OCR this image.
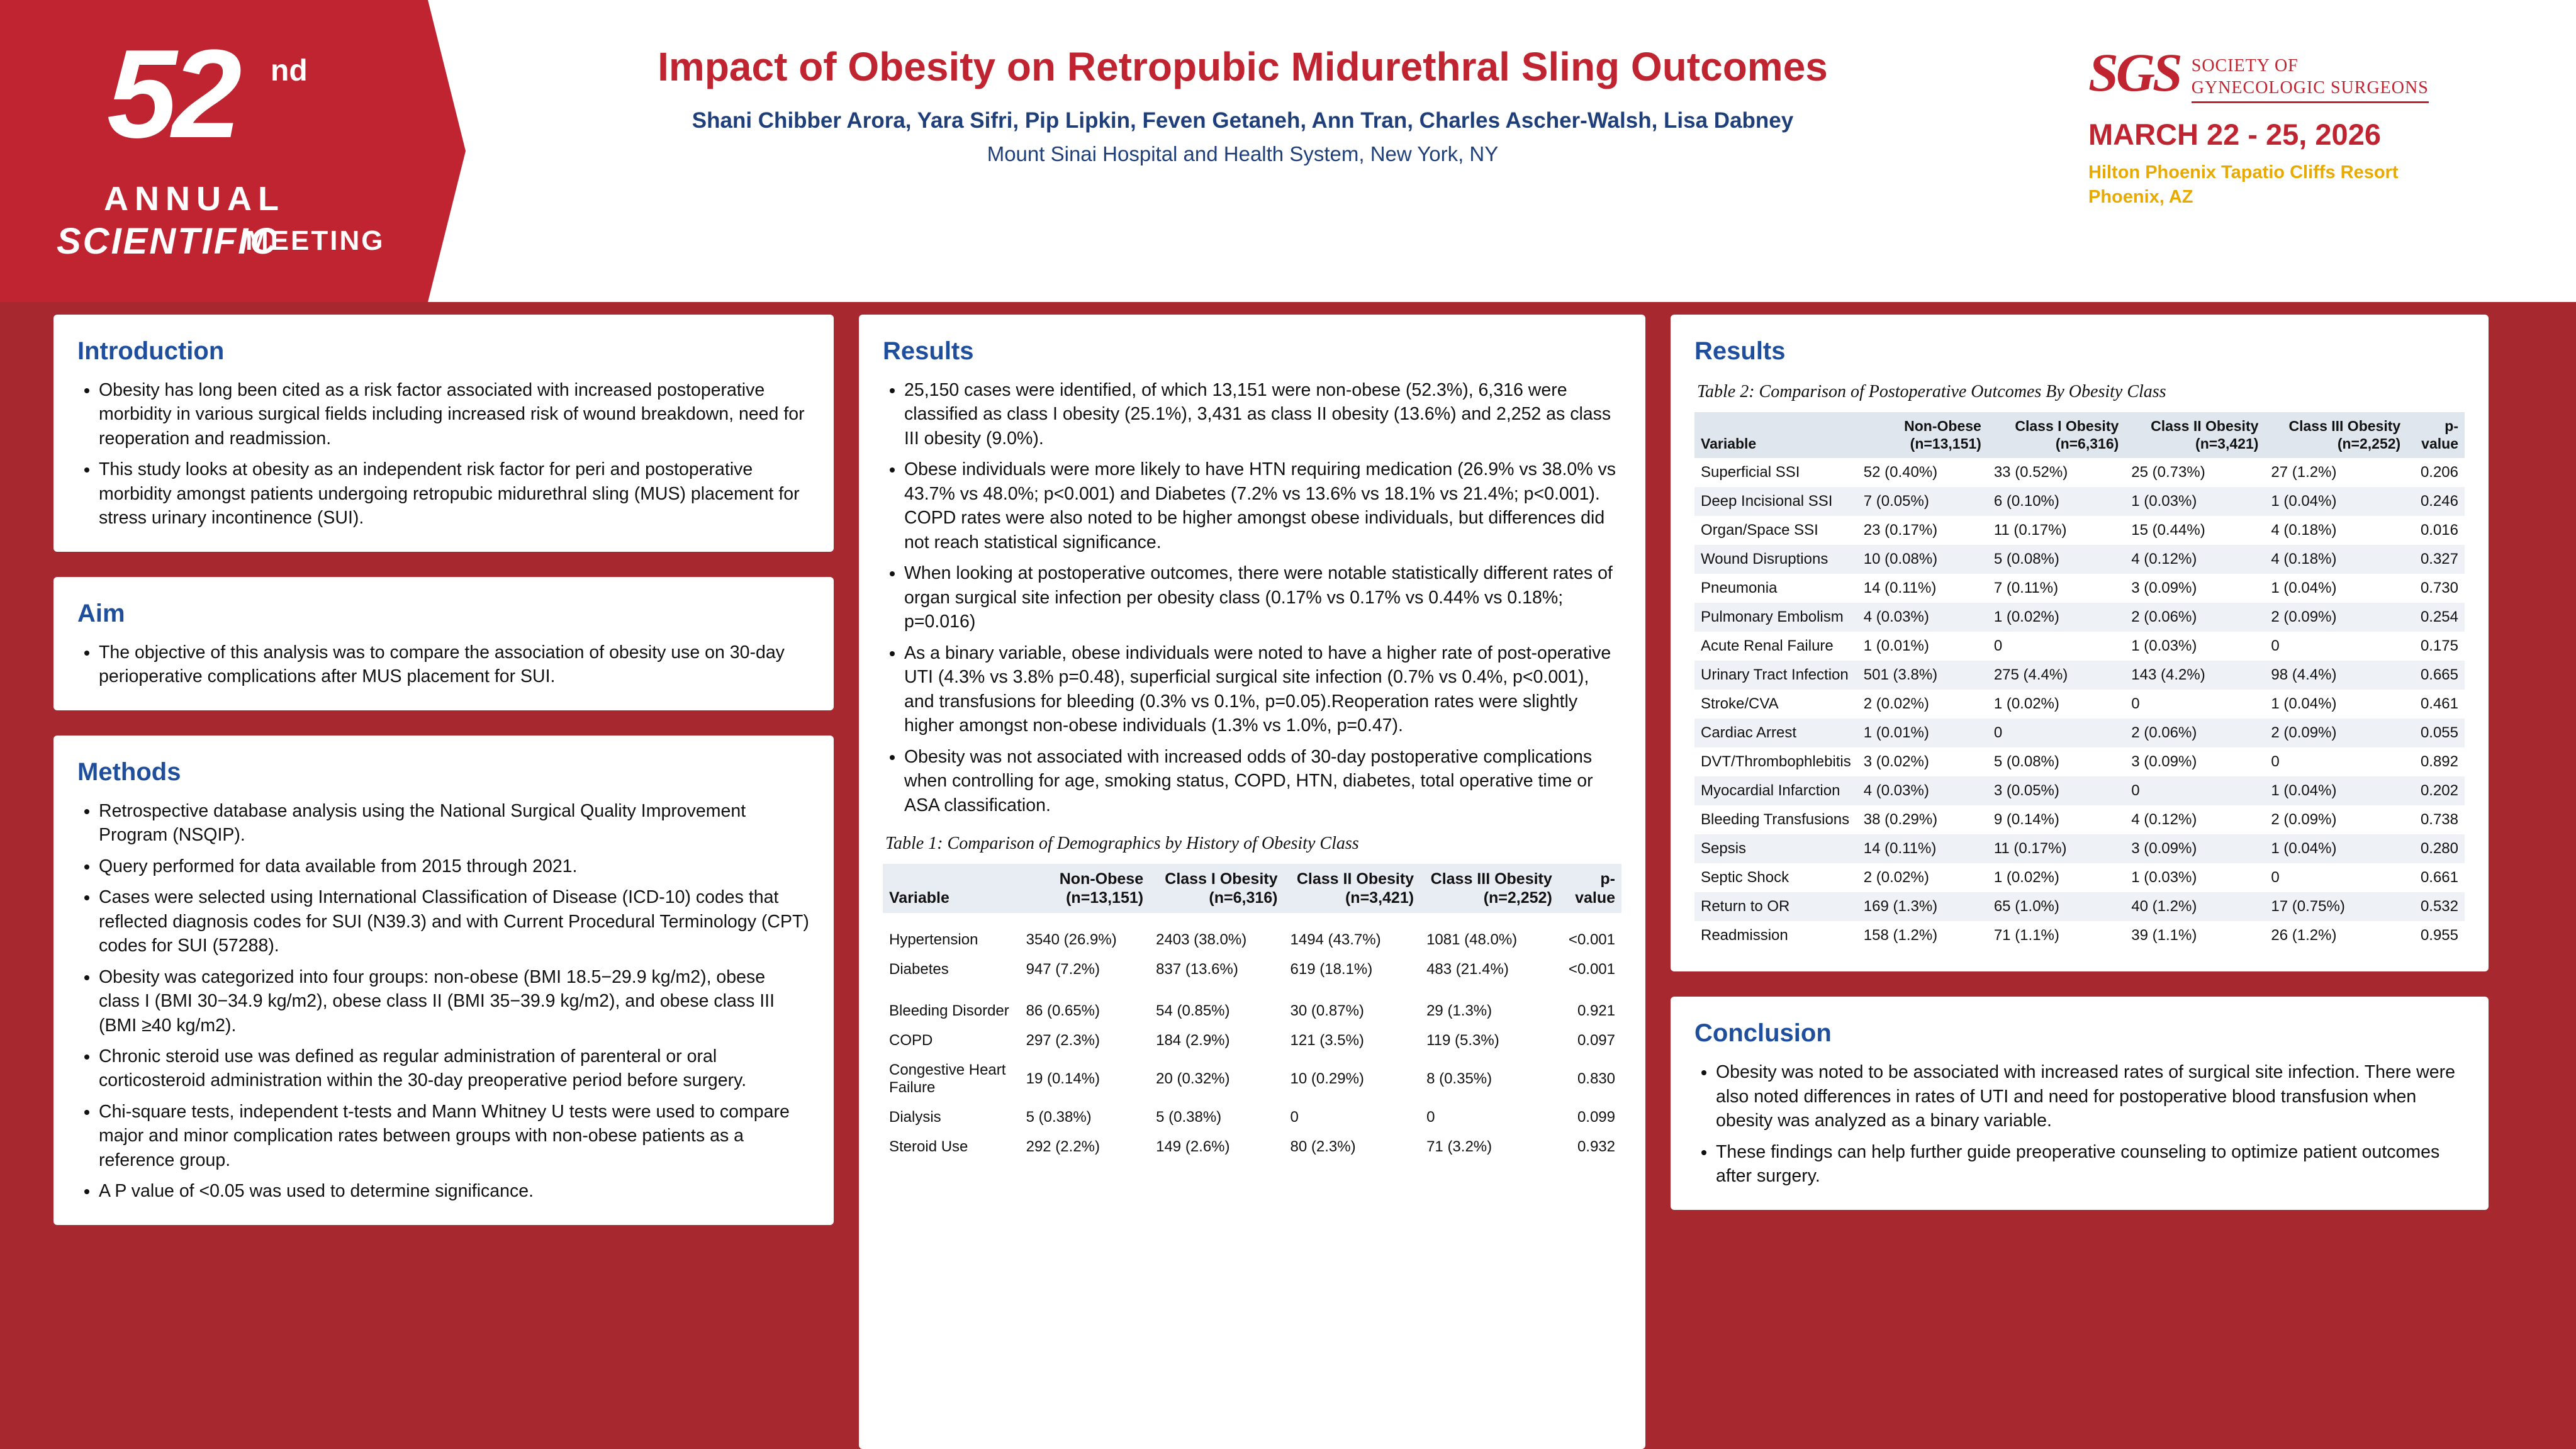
52 nd
ANNUAL
SCIENTIFIC
MEETING
Impact of Obesity on Retropubic Midurethral Sling Outcomes
Shani Chibber Arora, Yara Sifri, Pip Lipkin, Feven Getaneh, Ann Tran, Charles Ascher-Walsh, Lisa Dabney
Mount Sinai Hospital and Health System, New York, NY
SGS SOCIETY OF
GYNECOLOGIC SURGEONS
MARCH 22 - 25, 2026
Hilton Phoenix Tapatio Cliffs Resort
Phoenix, AZ
Introduction
• Obesity has long been cited as a risk factor associated with increased postoperative morbidity in various surgical fields including increased risk of wound breakdown, need for reoperation and readmission.
• This study looks at obesity as an independent risk factor for peri and postoperative morbidity amongst patients undergoing retropubic midurethral sling (MUS) placement for stress urinary incontinence (SUI).
Aim
• The objective of this analysis was to compare the association of obesity use on 30-day perioperative complications after MUS placement for SUI.
Methods
• Retrospective database analysis using the National Surgical Quality Improvement Program (NSQIP).
• Query performed for data available from 2015 through 2021.
• Cases were selected using International Classification of Disease (ICD-10) codes that reflected diagnosis codes for SUI (N39.3) and with Current Procedural Terminology (CPT) codes for SUI (57288).
• Obesity was categorized into four groups: non-obese (BMI 18.5−29.9 kg/m2), obese class I (BMI 30−34.9 kg/m2), obese class II (BMI 35−39.9 kg/m2), and obese class III (BMI ≥40 kg/m2).
• Chronic steroid use was defined as regular administration of parenteral or oral corticosteroid administration within the 30-day preoperative period before surgery.
• Chi-square tests, independent t-tests and Mann Whitney U tests were used to compare major and minor complication rates between groups with non-obese patients as a reference group.
• A P value of <0.05 was used to determine significance.
Results
• 25,150 cases were identified, of which 13,151 were non-obese (52.3%), 6,316 were classified as class I obesity (25.1%), 3,431 as class II obesity (13.6%) and 2,252 as class III obesity (9.0%).
• Obese individuals were more likely to have HTN requiring medication (26.9% vs 38.0% vs 43.7% vs 48.0%; p<0.001) and Diabetes (7.2% vs 13.6% vs 18.1% vs 21.4%; p<0.001). COPD rates were also noted to be higher amongst obese individuals, but differences did not reach statistical significance.
• When looking at postoperative outcomes, there were notable statistically different rates of organ surgical site infection per obesity class (0.17% vs 0.17% vs 0.44% vs 0.18%; p=0.016)
• As a binary variable, obese individuals were noted to have a higher rate of post-operative UTI (4.3% vs 3.8% p=0.48), superficial surgical site infection (0.7% vs 0.4%, p<0.001), and transfusions for bleeding (0.3% vs 0.1%, p=0.05).Reoperation rates were slightly higher amongst non-obese individuals (1.3% vs 1.0%, p=0.47).
• Obesity was not associated with increased odds of 30-day postoperative complications when controlling for age, smoking status, COPD, HTN, diabetes, total operative time or ASA classification.
Table 1: Comparison of Demographics by History of Obesity Class
Variable	Non-Obese (n=13,151)	Class I Obesity (n=6,316)	Class II Obesity (n=3,421)	Class III Obesity (n=2,252)	p-value

Hypertension	3540 (26.9%)	2403 (38.0%)	1494 (43.7%)	1081 (48.0%)	<0.001
Diabetes	947 (7.2%)	837 (13.6%)	619 (18.1%)	483 (21.4%)	<0.001

Bleeding Disorder	86 (0.65%)	54 (0.85%)	30 (0.87%)	29 (1.3%)	0.921
COPD	297 (2.3%)	184 (2.9%)	121 (3.5%)	119 (5.3%)	0.097
Congestive Heart Failure	19 (0.14%)	20 (0.32%)	10 (0.29%)	8 (0.35%)	0.830
Dialysis	5 (0.38%)	5 (0.38%)	0	0	0.099
Steroid Use	292 (2.2%)	149 (2.6%)	80 (2.3%)	71 (3.2%)	0.932
Results
Table 2: Comparison of Postoperative Outcomes By Obesity Class
Variable	Non-Obese (n=13,151)	Class I Obesity (n=6,316)	Class II Obesity (n=3,421)	Class III Obesity (n=2,252)	p-value
Superficial SSI	52 (0.40%)	33 (0.52%)	25 (0.73%)	27 (1.2%)	0.206
Deep Incisional SSI	7 (0.05%)	6 (0.10%)	1 (0.03%)	1 (0.04%)	0.246
Organ/Space SSI	23 (0.17%)	11 (0.17%)	15 (0.44%)	4 (0.18%)	0.016
Wound Disruptions	10 (0.08%)	5 (0.08%)	4 (0.12%)	4 (0.18%)	0.327
Pneumonia	14 (0.11%)	7 (0.11%)	3 (0.09%)	1 (0.04%)	0.730
Pulmonary Embolism	4 (0.03%)	1 (0.02%)	2 (0.06%)	2 (0.09%)	0.254
Acute Renal Failure	1 (0.01%)	0	1 (0.03%)	0	0.175
Urinary Tract Infection	501 (3.8%)	275 (4.4%)	143 (4.2%)	98 (4.4%)	0.665
Stroke/CVA	2 (0.02%)	1 (0.02%)	0	1 (0.04%)	0.461
Cardiac Arrest	1 (0.01%)	0	2 (0.06%)	2 (0.09%)	0.055
DVT/Thrombophlebitis	3 (0.02%)	5 (0.08%)	3 (0.09%)	0	0.892
Myocardial Infarction	4 (0.03%)	3 (0.05%)	0	1 (0.04%)	0.202
Bleeding Transfusions	38 (0.29%)	9 (0.14%)	4 (0.12%)	2 (0.09%)	0.738
Sepsis	14 (0.11%)	11 (0.17%)	3 (0.09%)	1 (0.04%)	0.280
Septic Shock	2 (0.02%)	1 (0.02%)	1 (0.03%)	0	0.661
Return to OR	169 (1.3%)	65 (1.0%)	40 (1.2%)	17 (0.75%)	0.532
Readmission	158 (1.2%)	71 (1.1%)	39 (1.1%)	26 (1.2%)	0.955
Conclusion
• Obesity was noted to be associated with increased rates of surgical site infection. There were also noted differences in rates of UTI and need for postoperative blood transfusion when obesity was analyzed as a binary variable.
• These findings can help further guide preoperative counseling to optimize patient outcomes after surgery.
